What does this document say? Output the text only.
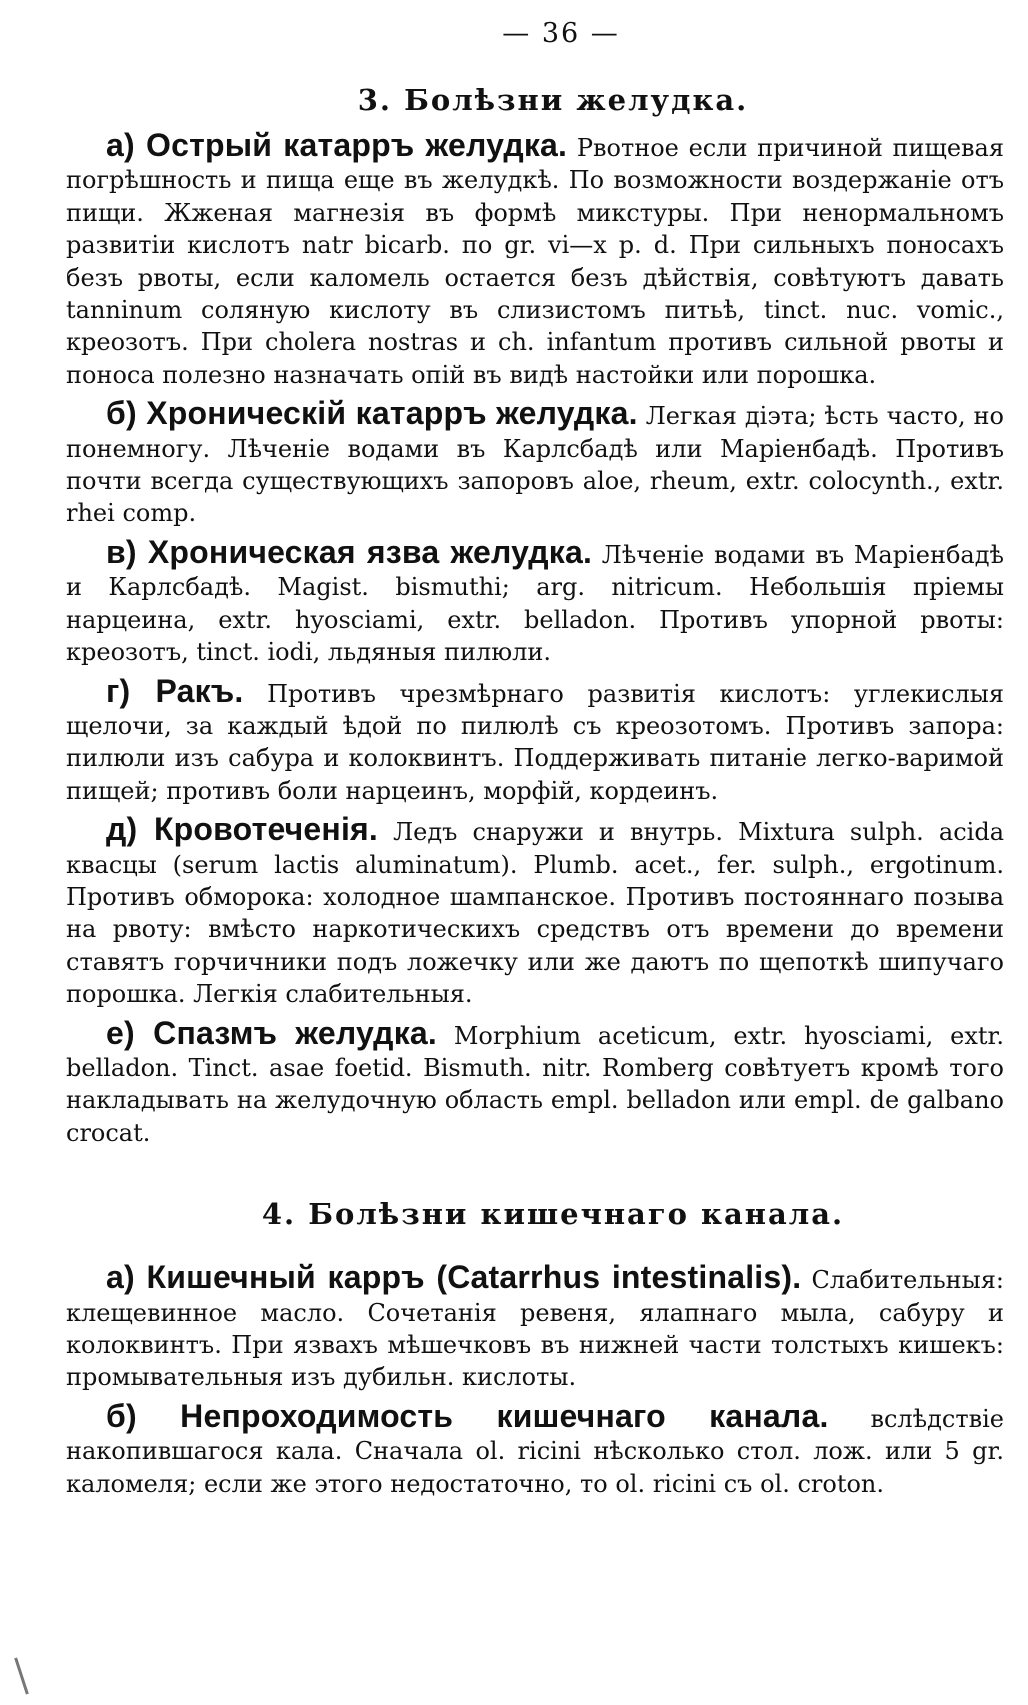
— 36 —
3. Болѣзни желудка.

а) Острый катарръ желудка. Рвотное если причиной пищевая погрѣшность и пища еще въ желудкѣ. По возможности воздержаніе отъ пищи. Жженая магнезія въ формѣ микстуры. При ненормальномъ развитіи кислотъ natr bicarb. по gr. vi—x p. d. При сильныхъ поносахъ безъ рвоты, если каломель остается безъ дѣйствія, совѣтуютъ давать tanninum соляную кислоту въ слизистомъ питьѣ, tinct. nuc. vomic., креозотъ. При cholera nostras и ch. infantum противъ сильной рвоты и поноса полезно назначать опій въ видѣ настойки или порошка.

б) Хроническій катарръ желудка. Легкая діэта; ѣсть часто, но понемногу. Лѣченіе водами въ Карлсбадѣ или Маріенбадѣ. Противъ почти всегда существующихъ запоровъ aloe, rheum, extr. colocynth., extr. rhei comp.

в) Хроническая язва желудка. Лѣченіе водами въ Маріенбадѣ и Карлсбадѣ. Magist. bismuthi; arg. nitricum. Небольшія пріемы нарцеина, extr. hyosciami, extr. belladon. Противъ упорной рвоты: креозотъ, tinct. iodi, льдяныя пилюли.

г) Ракъ. Противъ чрезмѣрнаго развитія кислотъ: углекислыя щелочи, за каждый ѣдой по пилюлѣ съ креозотомъ. Противъ запора: пилюли изъ сабура и колоквинтъ. Поддерживать питаніе легко-варимой пищей; противъ боли нарцеинъ, морфій, кордеинъ.

д) Кровотеченія. Ледъ снаружи и внутрь. Mixtura sulph. acida квасцы (serum lactis aluminatum). Plumb. acet., fer. sulph., ergotinum. Противъ обморока: холодное шампанское. Противъ постояннаго позыва на рвоту: вмѣсто наркотическихъ средствъ отъ времени до времени ставятъ горчичники подъ ложечку или же даютъ по щепоткѣ шипучаго порошка. Легкія слабительныя.

е) Спазмъ желудка. Morphium aceticum, extr. hyosciami, extr. belladon. Tinct. asae foetid. Bismuth. nitr. Romberg совѣтуетъ кромѣ того накладывать на желудочную область empl. belladon или empl. de galbano crocat.

4. Болѣзни кишечнаго канала.

а) Кишечный карръ (Catarrhus intestinalis). Слабительныя: клещевинное масло. Сочетанія ревеня, ялапнаго мыла, сабуру и колоквинтъ. При язвахъ мѣшечковъ въ нижней части толстыхъ кишекъ: промывательныя изъ дубильн. кислоты.

б) Непроходимость кишечнаго канала. вслѣдствіе накопившагося кала. Сначала ol. ricini нѣсколько стол. лож. или 5 gr. каломеля; если же этого недостаточно, то ol. ricini съ ol. croton.
